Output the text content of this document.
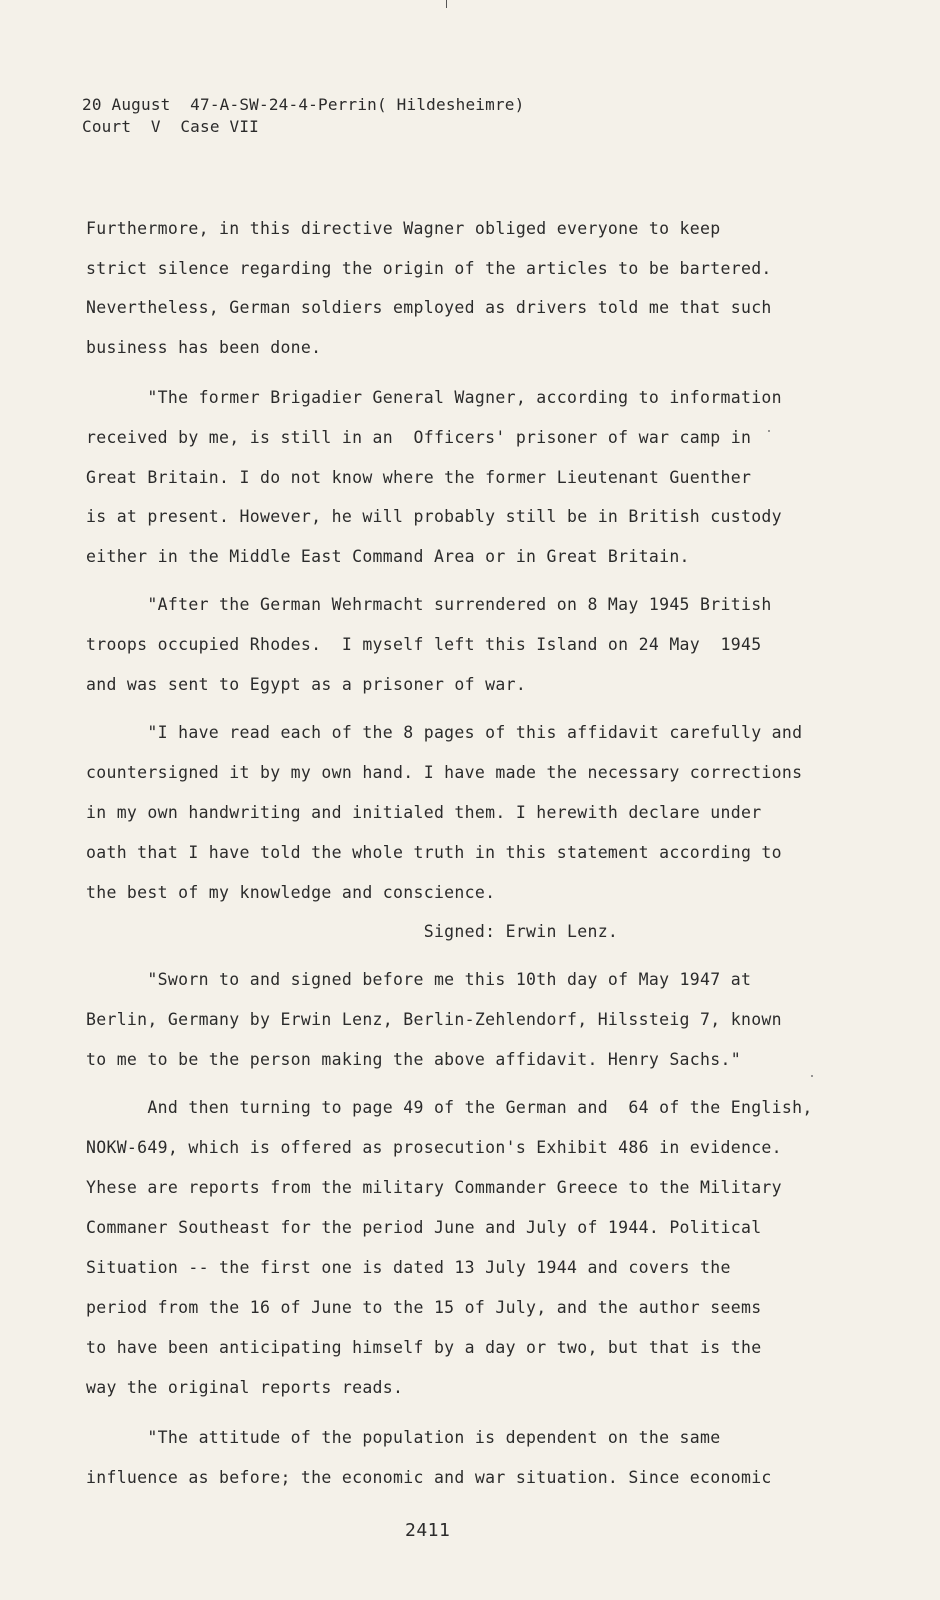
20 August  47-A-SW-24-4-Perrin( Hildesheimre)
Court  V  Case VII
Furthermore, in this directive Wagner obliged everyone to keep
strict silence regarding the origin of the articles to be bartered.
Nevertheless, German soldiers employed as drivers told me that such
business has been done.
"The former Brigadier General Wagner, according to information
received by me, is still in an  Officers' prisoner of war camp in
Great Britain. I do not know where the former Lieutenant Guenther
is at present. However, he will probably still be in British custody
either in the Middle East Command Area or in Great Britain.
"After the German Wehrmacht surrendered on 8 May 1945 British
troops occupied Rhodes.  I myself left this Island on 24 May  1945
and was sent to Egypt as a prisoner of war.
"I have read each of the 8 pages of this affidavit carefully and
countersigned it by my own hand. I have made the necessary corrections
in my own handwriting and initialed them. I herewith declare under
oath that I have told the whole truth in this statement according to
the best of my knowledge and conscience.
Signed: Erwin Lenz.
"Sworn to and signed before me this 10th day of May 1947 at
Berlin, Germany by Erwin Lenz, Berlin-Zehlendorf, Hilssteig 7, known
to me to be the person making the above affidavit. Henry Sachs."
And then turning to page 49 of the German and  64 of the English,
NOKW-649, which is offered as prosecution's Exhibit 486 in evidence.
Yhese are reports from the military Commander Greece to the Military
Commaner Southeast for the period June and July of 1944. Political
Situation -- the first one is dated 13 July 1944 and covers the
period from the 16 of June to the 15 of July, and the author seems
to have been anticipating himself by a day or two, but that is the
way the original reports reads.
"The attitude of the population is dependent on the same
influence as before; the economic and war situation. Since economic
2411
